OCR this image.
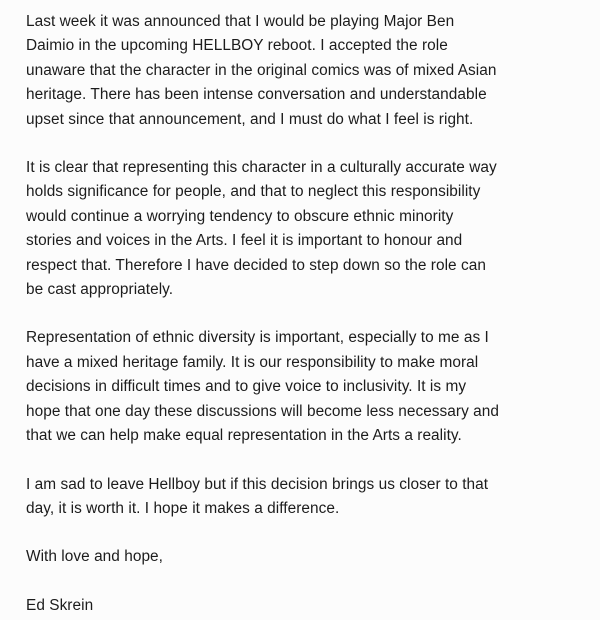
Last week it was announced that I would be playing Major Ben
Daimio in the upcoming HELLBOY reboot. I accepted the role
unaware that the character in the original comics was of mixed Asian
heritage. There has been intense conversation and understandable
upset since that announcement, and I must do what I feel is right.

It is clear that representing this character in a culturally accurate way
holds significance for people, and that to neglect this responsibility
would continue a worrying tendency to obscure ethnic minority
stories and voices in the Arts. I feel it is important to honour and
respect that. Therefore I have decided to step down so the role can
be cast appropriately.

Representation of ethnic diversity is important, especially to me as I
have a mixed heritage family. It is our responsibility to make moral
decisions in difficult times and to give voice to inclusivity. It is my
hope that one day these discussions will become less necessary and
that we can help make equal representation in the Arts a reality.

I am sad to leave Hellboy but if this decision brings us closer to that
day, it is worth it. I hope it makes a difference.

With love and hope,

Ed Skrein
